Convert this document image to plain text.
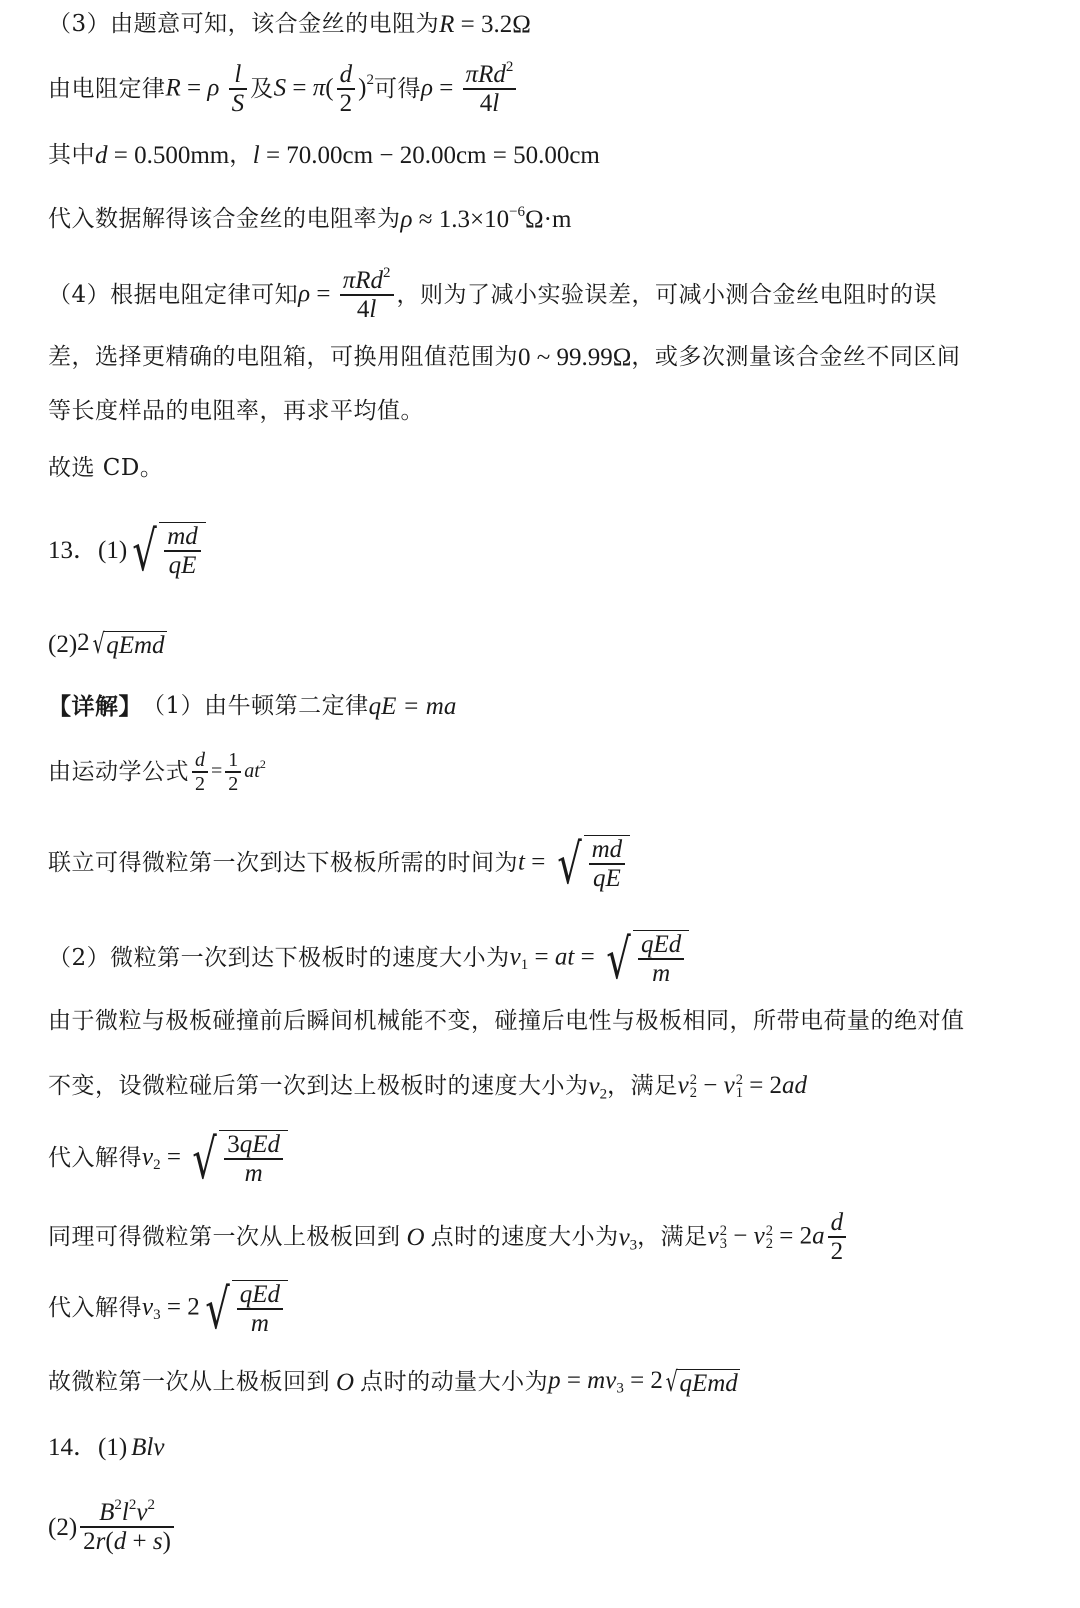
（3）由题意可知，该合金丝的电阻为 R = 3.2Ω
由电阻定律 R = ρ $\frac{l}{S}$ 及 $S = \pi( \frac{d}{2} )^2$ 可得 $\rho = \frac{\pi Rd^2}{4l}$
其中 d = 0.500mm ， l = 70.00cm − 20.00cm = 50.00cm
代入数据解得该合金丝的电阻率为 $\rho \approx 1.3\times 10^{-6}\Omega\cdot m$
（4）根据电阻定律可知 $\rho = \frac{\pi Rd^2}{4l}$ ，则为了减小实验误差，可减小测合金丝电阻时的误
差，选择更精确的电阻箱，可换用阻值范围为 0 ~ 99.99Ω ，或多次测量该合金丝不同区间
等长度样品的电阻率，再求平均值。
故选 CD。
13．(1) √ $\frac{md}{qE}$
(2) 2 √ qEmd
【详解】 （1）由牛顿第二定律 qE = ma
由运动学公式 $\frac{d}{2} = \frac{1}{2} at^2$
联立可得微粒第一次到达下极板所需的时间为 t = √ $\frac{md}{qE}$
（2）微粒第一次到达下极板时的速度大小为 $v_1$ = at = √ $\frac{\text{qEd}}{m}$
由于微粒与极板碰撞前后瞬间机械能不变，碰撞后电性与极板相同，所带电荷量的绝对值
不变，设微粒碰后第一次到达上极板时的速度大小为 $v_2$ ，满足 v 2
2 − v 2
1 = 2ad
代入解得 $v_2$ = √ $\frac{\text{3qEd}}{m}$
同理可得微粒第一次从上极板回到 O 点时的速度大小为 $v_3$ ，满足 v 2
3 − v 2
$2 = 2a \frac{d}{2}$
代入解得 $v_3 = 2$ √ $\frac{\text{qEd}}{m}$
故微粒第一次从上极板回到 O 点时的动量大小为 $p = mv_3 = 2$ √ qEmd
14．(1) Blv
$(2) \frac{B^2l^2v^2}{2r(d + s)}$
